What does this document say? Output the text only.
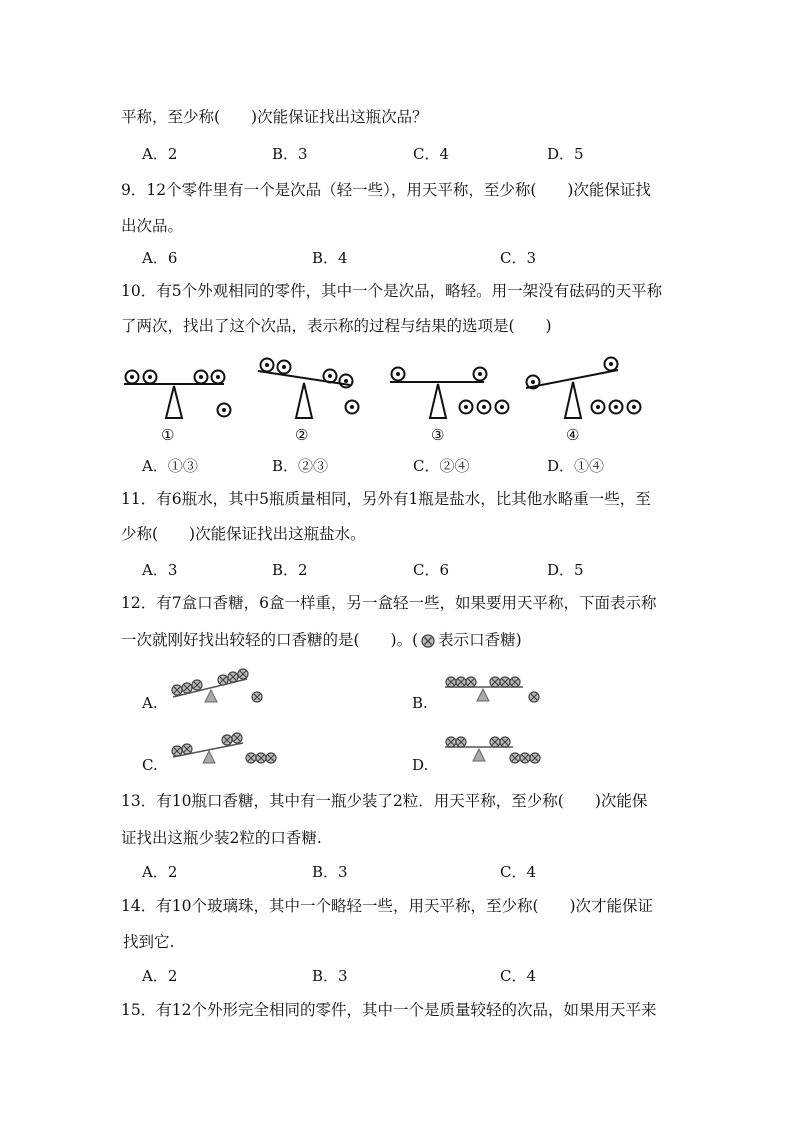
平称，至少称(　　)次能保证找出这瓶次品？
A．2	B．3	C．4	D．5
9．12个零件里有一个是次品（轻一些），用天平称，至少称(　　)次能保证找
出次品。
A．6	B．4	C．3
10．有5个外观相同的零件，其中一个是次品，略轻。用一架没有砝码的天平称
了两次，找出了这个次品，表示称的过程与结果的选项是(　　)
①	②	③	④
A．①③	B．②③	C．②④	D．①④
11．有6瓶水，其中5瓶质量相同，另外有1瓶是盐水，比其他水略重一些，至
少称(　　)次能保证找出这瓶盐水。
A．3	B．2	C．6	D．5
12．有7盒口香糖，6盒一样重，另一盒轻一些，如果要用天平称，下面表示称
一次就刚好找出较轻的口香糖的是(　　)。( 表示口香糖)
A.	B.
C.	D.
13．有10瓶口香糖，其中有一瓶少装了2粒．用天平称，至少称(　　)次能保
证找出这瓶少装2粒的口香糖.
A．2	B．3	C．4
14．有10个玻璃珠，其中一个略轻一些，用天平称，至少称(　　)次才能保证
找到它.
A．2	B．3	C．4
15．有12个外形完全相同的零件，其中一个是质量较轻的次品，如果用天平来
